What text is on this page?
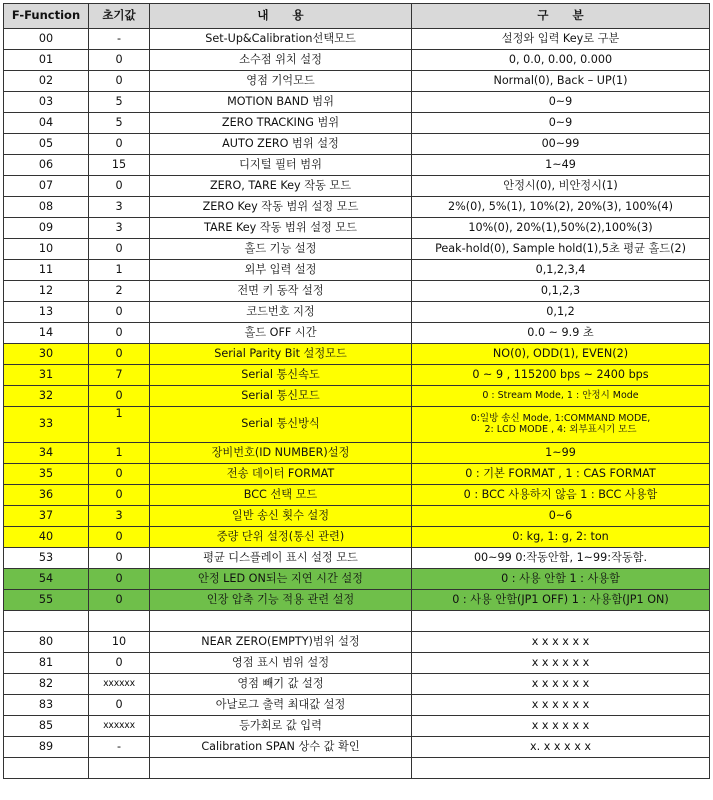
F-Function	초기값	내      용	구      분
00	-	Set-Up&Calibration선택모드	설정와 입력 Key로 구분
01	0	소수점 위치 설정	0, 0.0, 0.00, 0.000
02	0	영점 기억모드	Normal(0), Back – UP(1)
03	5	MOTION BAND 범위	0~9
04	5	ZERO TRACKING 범위	0~9
05	0	AUTO ZERO 범위 설정	00~99
06	15	디지털 필터 범위	1~49
07	0	ZERO, TARE Key 작동 모드	안정시(0), 비안정시(1)
08	3	ZERO Key 작동 범위 설정 모드	2%(0), 5%(1), 10%(2), 20%(3), 100%(4)
09	3	TARE Key 작동 범위 설정 모드	10%(0), 20%(1),50%(2),100%(3)
10	0	홀드 기능 설정	Peak-hold(0), Sample hold(1),5초 평균 홀드(2)
11	1	외부 입력 설정	0,1,2,3,4
12	2	전면 키 동작 설정	0,1,2,3
13	0	코드번호 지정	0,1,2
14	0	홀드 OFF 시간	0.0 ~ 9.9 초
30	0	Serial Parity Bit 설정모드	NO(0), ODD(1), EVEN(2)
31	7	Serial 통신속도	0 ~ 9 , 115200 bps ~ 2400 bps
32	0	Serial 통신모드	0 : Stream Mode, 1 : 안정시 Mode
33	1	Serial 통신방식	0:일방 송신 Mode, 1:COMMAND MODE,
2: LCD MODE , 4: 외부표시기 모드

34	1	장비번호(ID NUMBER)설정	1~99
35	0	전송 데이터 FORMAT	0 : 기본 FORMAT , 1 : CAS FORMAT
36	0	BCC 선택 모드	0 : BCC 사용하지 않음 1 : BCC 사용함
37	3	일반 송신 횟수 설정	0~6
40	0	중량 단위 설정(통신 관련)	0: kg, 1: g, 2: ton
53	0	평균 디스플레이 표시 설정 모드	00~99 0:작동안함, 1~99:작동함.
54	0	안정 LED ON되는 지연 시간 설정	0 : 사용 안함 1 : 사용함
55	0	인장 압축 기능 적용 관련 설정	0 : 사용 안함(JP1 OFF) 1 : 사용함(JP1 ON)

80	10	NEAR ZERO(EMPTY)범위 설정	x x x x x x
81	0	영점 표시 범위 설정	x x x x x x
82	xxxxxx	영점 빼기 값 설정	x x x x x x
83	0	아날로그 출력 최대값 설정	x x x x x x
85	xxxxxx	등가회로 값 입력	x x x x x x
89	-	Calibration SPAN 상수 값 확인	x. x x x x x
